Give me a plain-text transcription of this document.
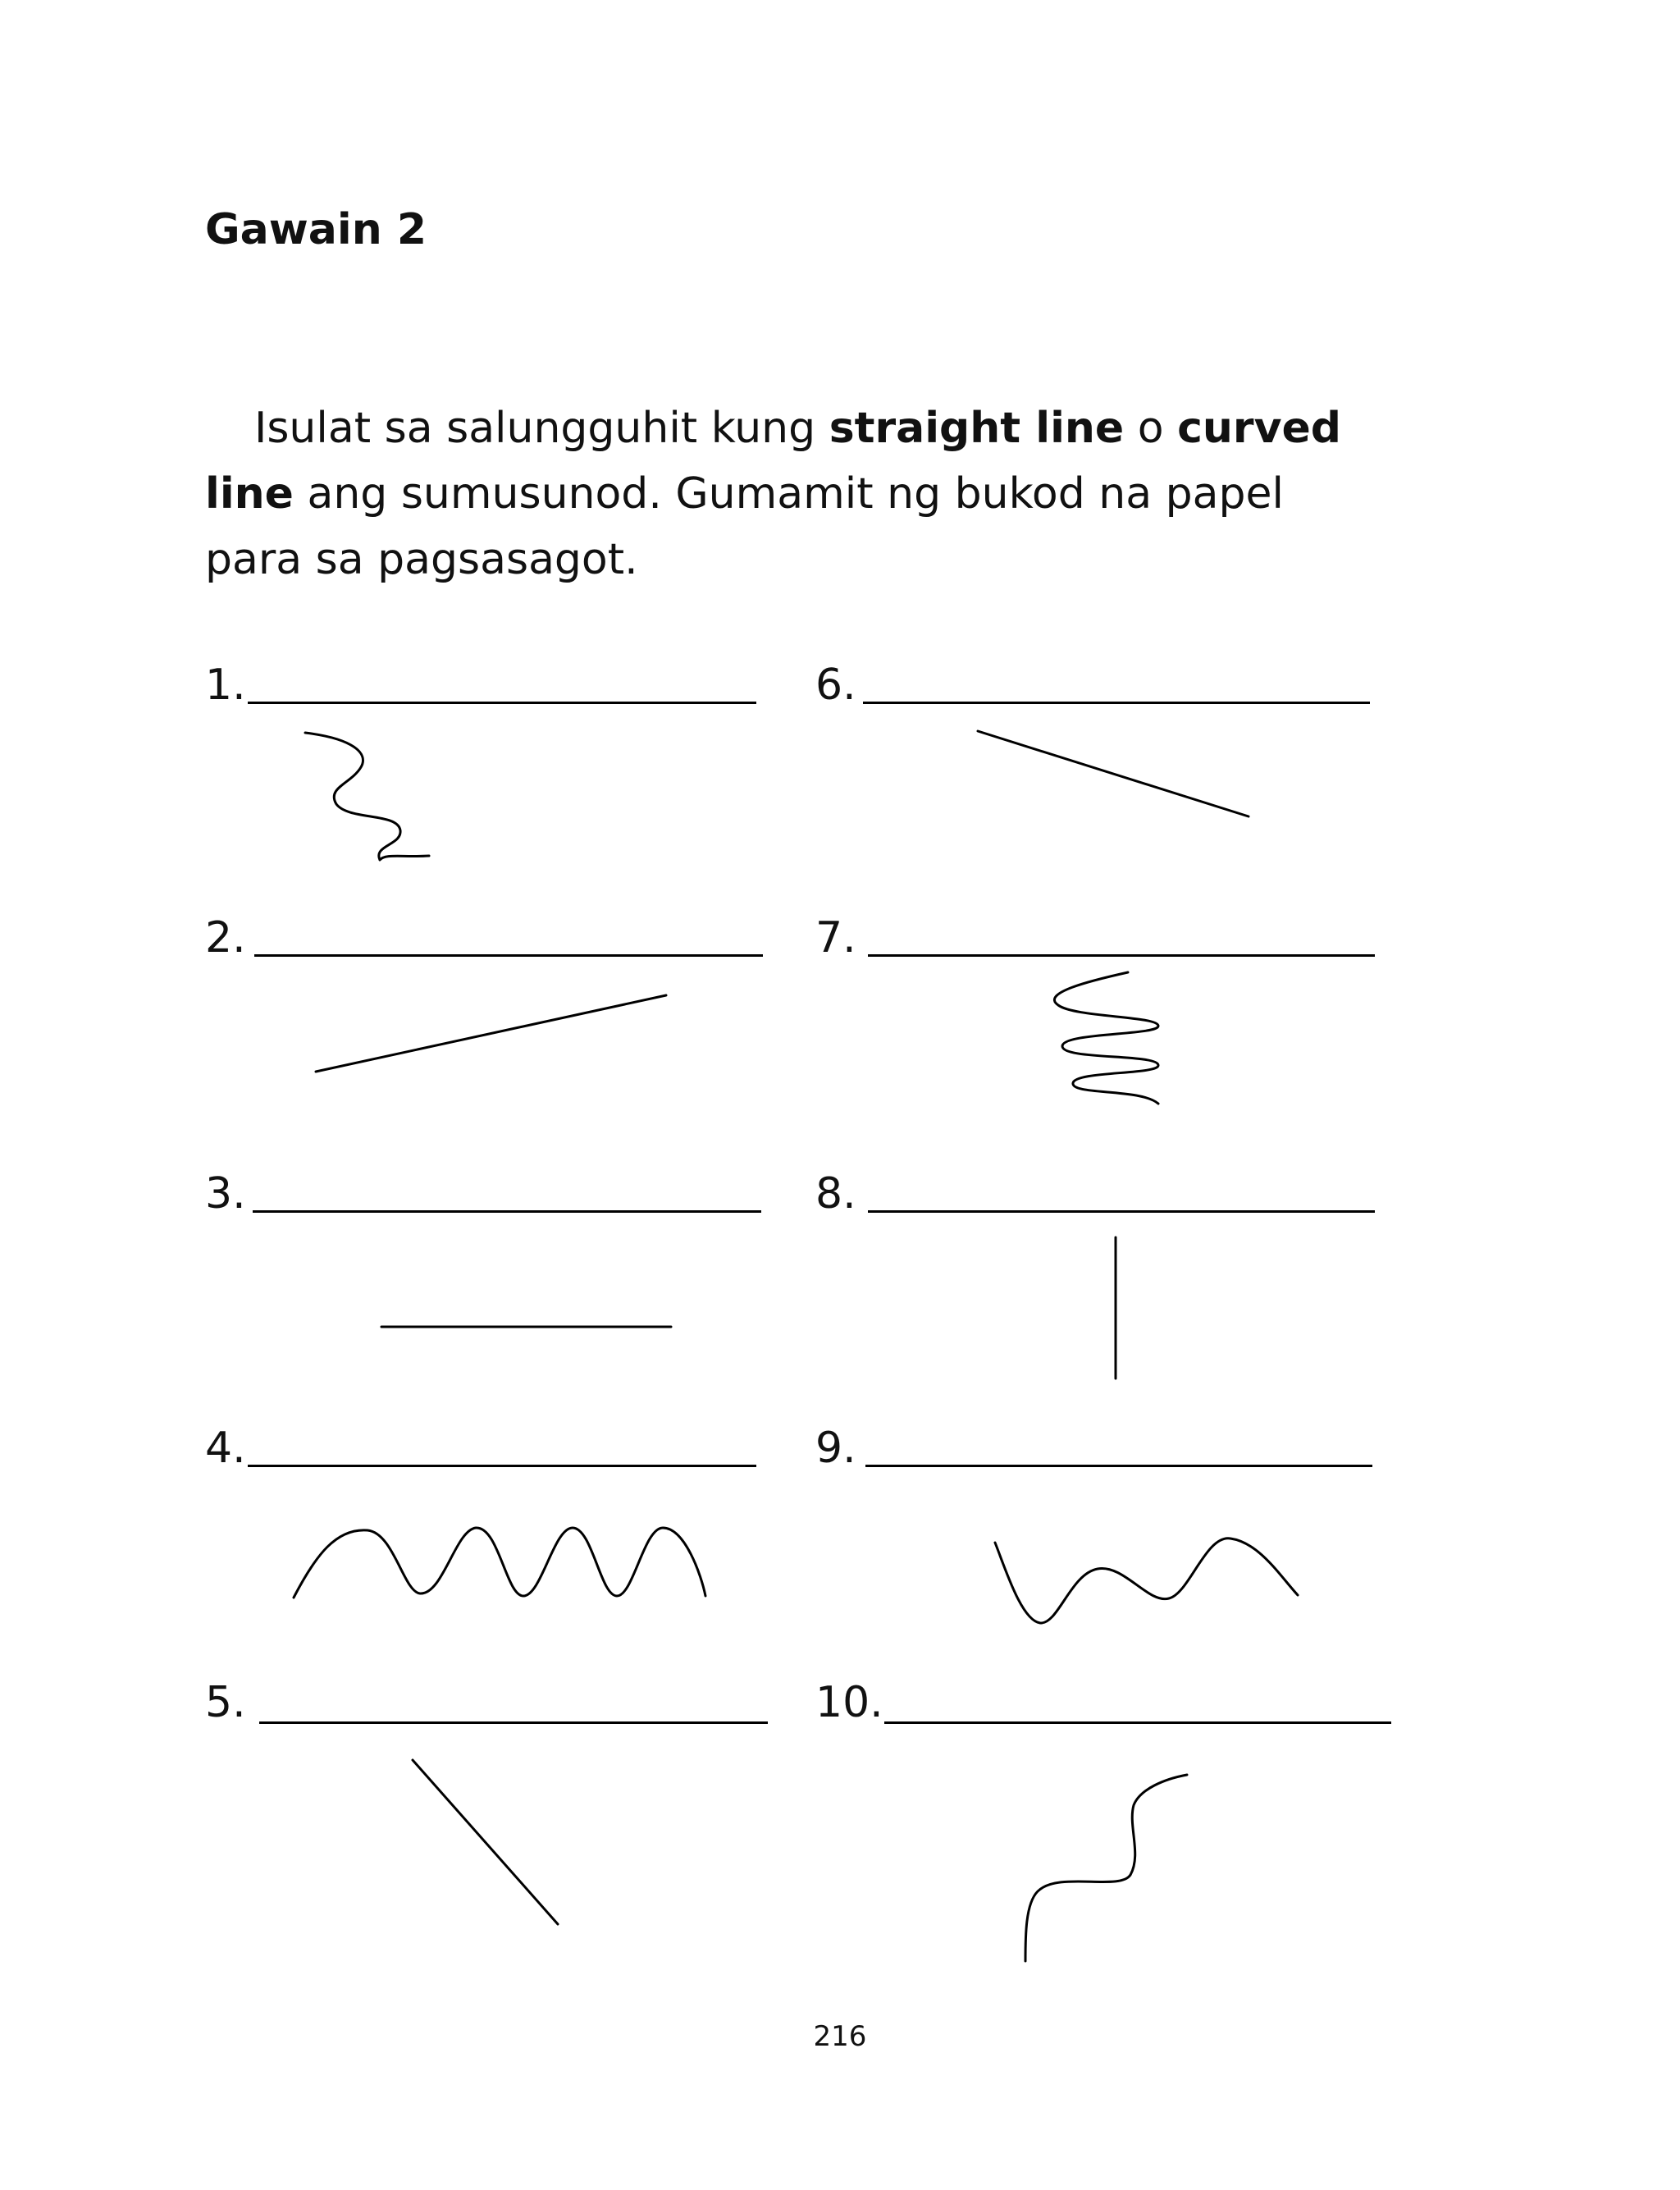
Gawain 2

Isulat sa salungguhit kung straight line o curved line ang sumusunod. Gumamit ng bukod na papel para sa pagsasagot.

1.
2.
3.
4.
5.
6.
7.
8.
9.
10.
216
